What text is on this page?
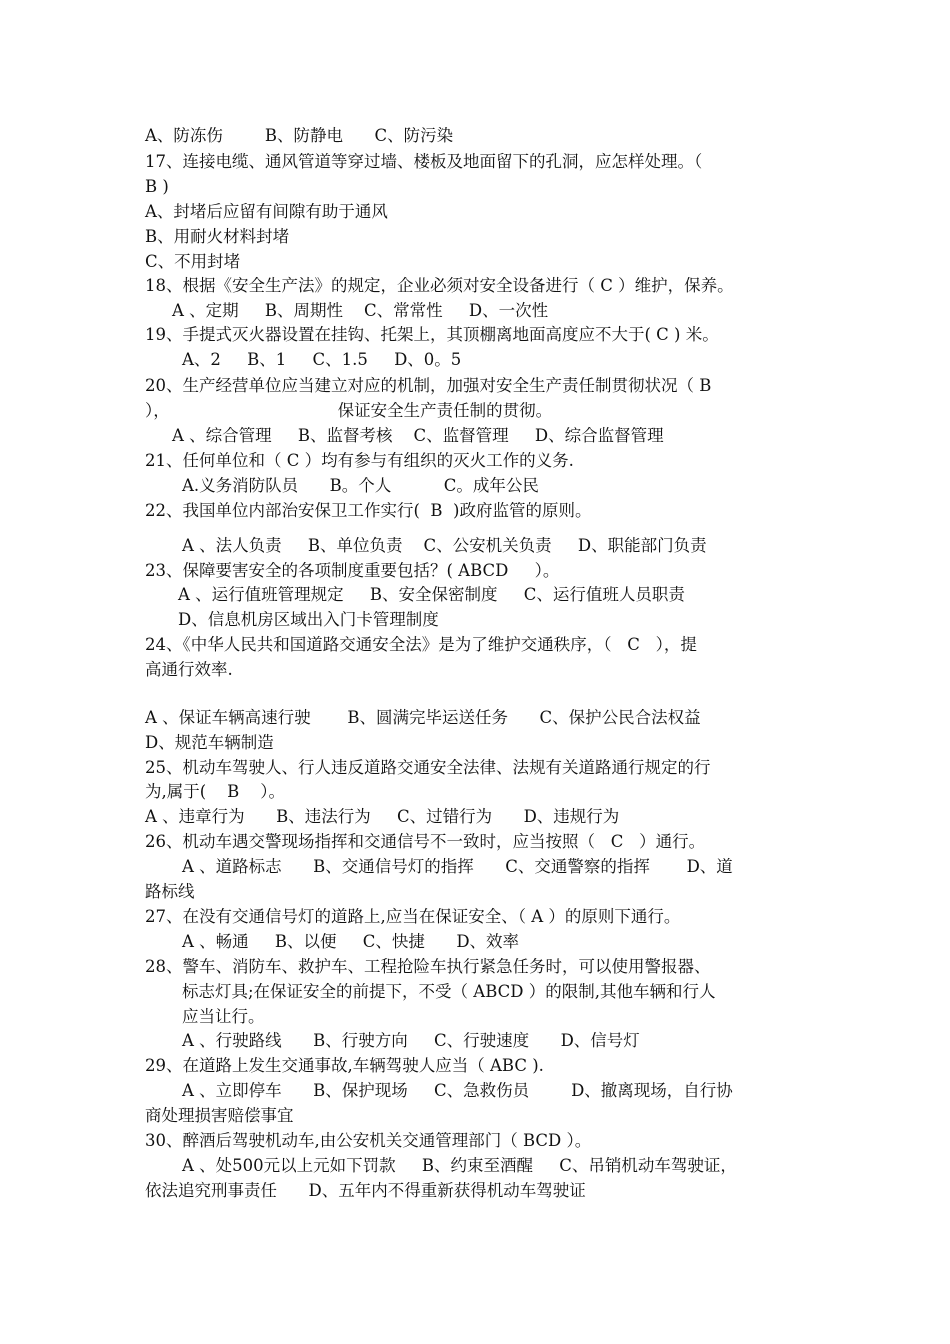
A、防冻伤        B、防静电      C、防污染
17、连接电缆、通风管道等穿过墙、楼板及地面留下的孔洞，应怎样处理。（
B )
A、封堵后应留有间隙有助于通风
B、用耐火材料封堵
C、不用封堵
18、根据《安全生产法》的规定，企业必须对安全设备进行（ C ）维护，保养。
A 、定期     B、周期性    C、常常性     D、一次性
19、手提式灭火器设置在挂钩、托架上，其顶棚离地面高度应不大于( C ) 米。
A、2     B、1     C、1.5     D、0。5
20、生产经营单位应当建立对应的机制，加强对安全生产责任制贯彻状况（ B
），                                保证安全生产责任制的贯彻。
A 、综合管理     B、监督考核    C、监督管理     D、综合监督管理
21、任何单位和（ C ）均有参与有组织的灭火工作的义务.
A.义务消防队员      B。个人          C。成年公民
22、我国单位内部治安保卫工作实行(  B  )政府监管的原则。
A 、法人负责     B、单位负责    C、公安机关负责     D、职能部门负责
23、保障要害安全的各项制度重要包括？( ABCD     ）。
A 、运行值班管理规定     B、安全保密制度     C、运行值班人员职责
D、信息机房区域出入门卡管理制度
24、《中华人民共和国道路交通安全法》是为了维护交通秩序，（   C   ），提
高通行效率.
A 、保证车辆高速行驶       B、圆满完毕运送任务      C、保护公民合法权益
D、规范车辆制造
25、机动车驾驶人、行人违反道路交通安全法律、法规有关道路通行规定的行
为,属于(    B    ）。
A 、违章行为      B、违法行为     C、过错行为      D、违规行为
26、机动车遇交警现场指挥和交通信号不一致时，应当按照（   C   ）通行。
A 、道路标志      B、交通信号灯的指挥      C、交通警察的指挥       D、道
路标线
27、在没有交通信号灯的道路上,应当在保证安全、（ A ）的原则下通行。
A 、畅通     B、以便     C、快捷      D、效率
28、警车、消防车、救护车、工程抢险车执行紧急任务时，可以使用警报器、
标志灯具;在保证安全的前提下，不受（ ABCD ）的限制,其他车辆和行人
应当让行。
A 、行驶路线      B、行驶方向     C、行驶速度      D、信号灯
29、在道路上发生交通事故,车辆驾驶人应当（ ABC ).
A 、立即停车      B、保护现场     C、急救伤员        D、撤离现场，自行协
商处理损害赔偿事宜
30、醉酒后驾驶机动车,由公安机关交通管理部门（ BCD ）。
A 、处500元以上元如下罚款     B、约束至酒醒     C、吊销机动车驾驶证，
依法追究刑事责任      D、五年内不得重新获得机动车驾驶证
